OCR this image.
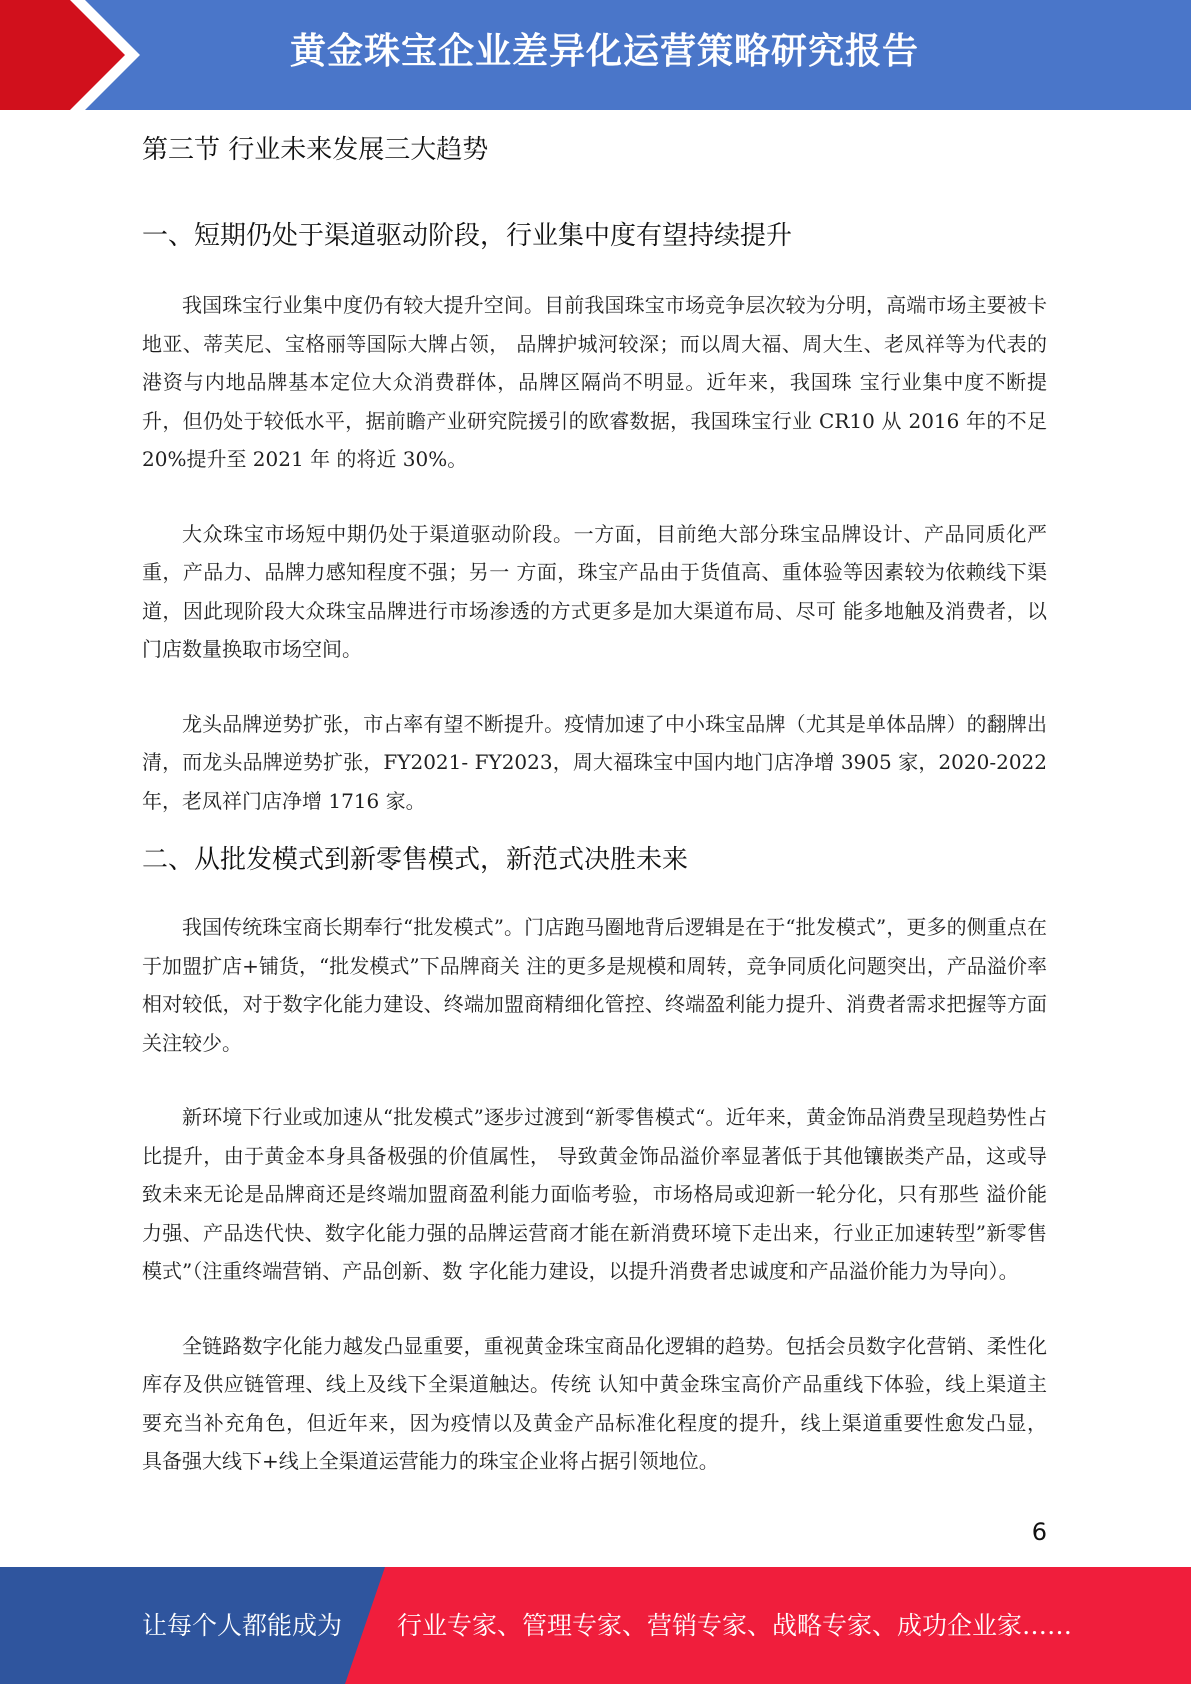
黄金珠宝企业差异化运营策略研究报告
第三节 行业未来发展三大趋势
一、短期仍处于渠道驱动阶段，行业集中度有望持续提升

我国珠宝行业集中度仍有较大提升空间。目前我国珠宝市场竞争层次较为分明，高端市场主要被卡地亚、蒂芙尼、宝格丽等国际大牌占领， 品牌护城河较深；而以周大福、周大生、老凤祥等为代表的港资与内地品牌基本定位大众消费群体，品牌区隔尚不明显。近年来，我国珠 宝行业集中度不断提升，但仍处于较低水平，据前瞻产业研究院援引的欧睿数据，我国珠宝行业 CR10 从 2016 年的不足 20%提升至 2021 年 的将近 30%。

大众珠宝市场短中期仍处于渠道驱动阶段。一方面，目前绝大部分珠宝品牌设计、产品同质化严重，产品力、品牌力感知程度不强；另一 方面，珠宝产品由于货值高、重体验等因素较为依赖线下渠道，因此现阶段大众珠宝品牌进行市场渗透的方式更多是加大渠道布局、尽可 能多地触及消费者，以门店数量换取市场空间。

龙头品牌逆势扩张，市占率有望不断提升。疫情加速了中小珠宝品牌（尤其是单体品牌）的翻牌出清，而龙头品牌逆势扩张，FY2021- FY2023，周大福珠宝中国内地门店净增 3905 家，2020-2022 年，老凤祥门店净增 1716 家。

二、从批发模式到新零售模式，新范式决胜未来

我国传统珠宝商长期奉行“批发模式”。门店跑马圈地背后逻辑是在于“批发模式”，更多的侧重点在于加盟扩店+铺货，“批发模式”下品牌商关 注的更多是规模和周转，竞争同质化问题突出，产品溢价率相对较低，对于数字化能力建设、终端加盟商精细化管控、终端盈利能力提升、消费者需求把握等方面关注较少。

新环境下行业或加速从“批发模式”逐步过渡到“新零售模式“。近年来，黄金饰品消费呈现趋势性占比提升，由于黄金本身具备极强的价值属性， 导致黄金饰品溢价率显著低于其他镶嵌类产品，这或导致未来无论是品牌商还是终端加盟商盈利能力面临考验，市场格局或迎新一轮分化，只有那些 溢价能力强、产品迭代快、数字化能力强的品牌运营商才能在新消费环境下走出来，行业正加速转型”新零售模式”（注重终端营销、产品创新、数 字化能力建设，以提升消费者忠诚度和产品溢价能力为导向）。

全链路数字化能力越发凸显重要，重视黄金珠宝商品化逻辑的趋势。包括会员数字化营销、柔性化库存及供应链管理、线上及线下全渠道触达。传统 认知中黄金珠宝高价产品重线下体验，线上渠道主要充当补充角色，但近年来，因为疫情以及黄金产品标准化程度的提升，线上渠道重要性愈发凸显， 具备强大线下+线上全渠道运营能力的珠宝企业将占据引领地位。

6
让每个人都能成为 行业专家、管理专家、营销专家、战略专家、成功企业家……
